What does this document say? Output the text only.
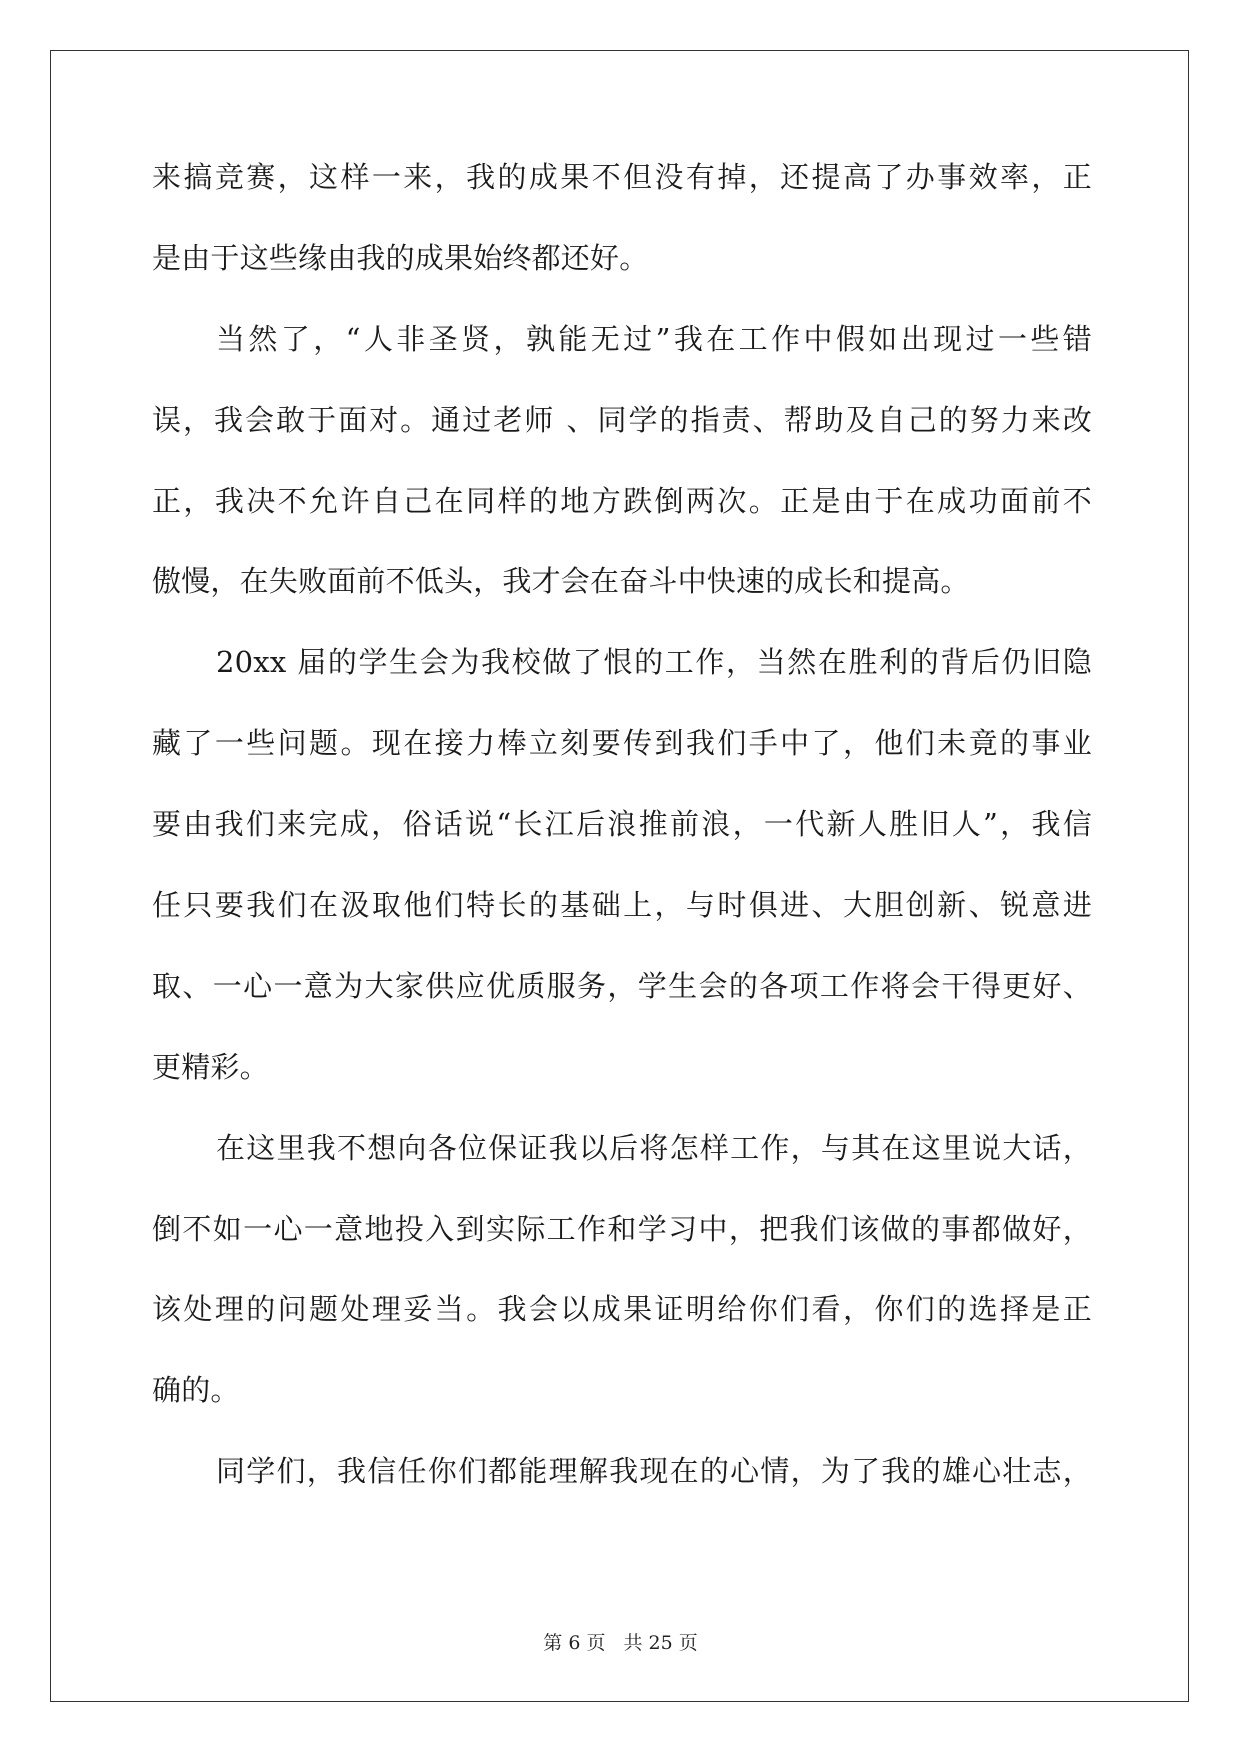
来搞竞赛，这样一来，我的成果不但没有掉，还提高了办事效率，正
是由于这些缘由我的成果始终都还好。
当然了，“人非圣贤，孰能无过”我在工作中假如出现过一些错
误，我会敢于面对。通过老师 、同学的指责、帮助及自己的努力来改
正，我决不允许自己在同样的地方跌倒两次。正是由于在成功面前不
傲慢，在失败面前不低头，我才会在奋斗中快速的成长和提高。
20xx 届的学生会为我校做了恨的工作，当然在胜利的背后仍旧隐
藏了一些问题。现在接力棒立刻要传到我们手中了，他们未竟的事业
要由我们来完成，俗话说“长江后浪推前浪，一代新人胜旧人”，我信
任只要我们在汲取他们特长的基础上，与时俱进、大胆创新、锐意进
取、一心一意为大家供应优质服务，学生会的各项工作将会干得更好、
更精彩。
在这里我不想向各位保证我以后将怎样工作，与其在这里说大话，
倒不如一心一意地投入到实际工作和学习中，把我们该做的事都做好，
该处理的问题处理妥当。我会以成果证明给你们看，你们的选择是正
确的。
同学们，我信任你们都能理解我现在的心情，为了我的雄心壮志，
第 6 页 共 25 页
